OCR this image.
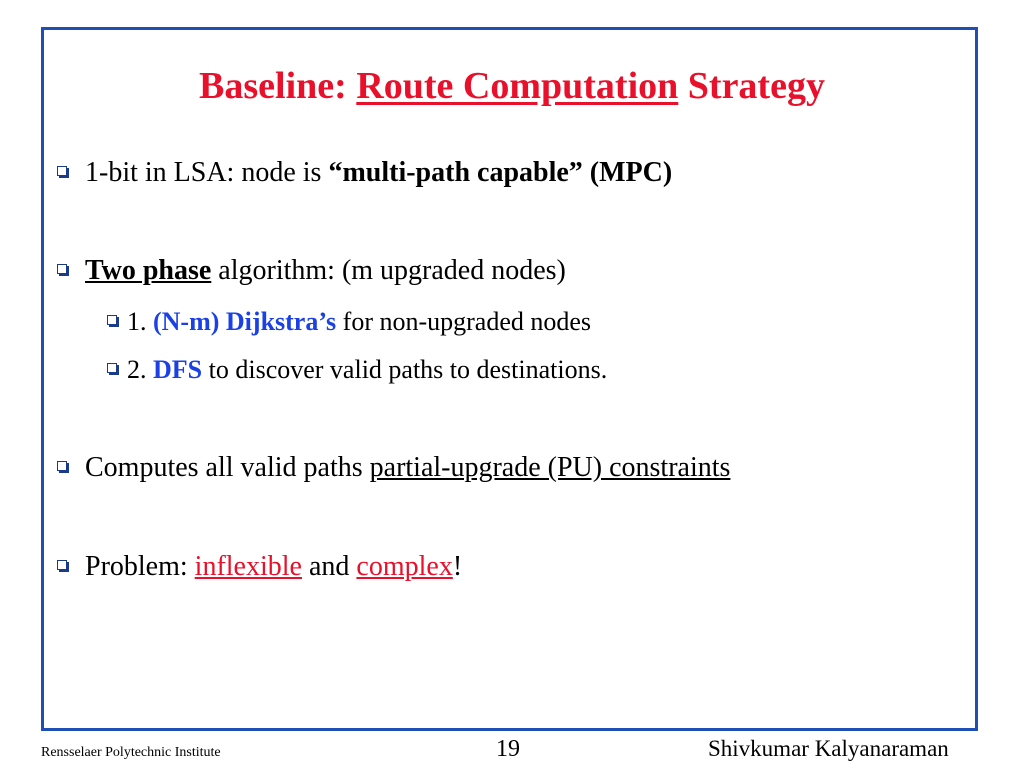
Baseline: Route Computation Strategy
1-bit in LSA: node is “multi-path capable” (MPC)
Two phase algorithm: (m upgraded nodes)
1. (N-m) Dijkstra’s for non-upgraded nodes
2. DFS to discover valid paths to destinations.
Computes all valid paths partial-upgrade (PU) constraints
Problem: inflexible and complex!
Rensselaer Polytechnic Institute	19	Shivkumar Kalyanaraman
